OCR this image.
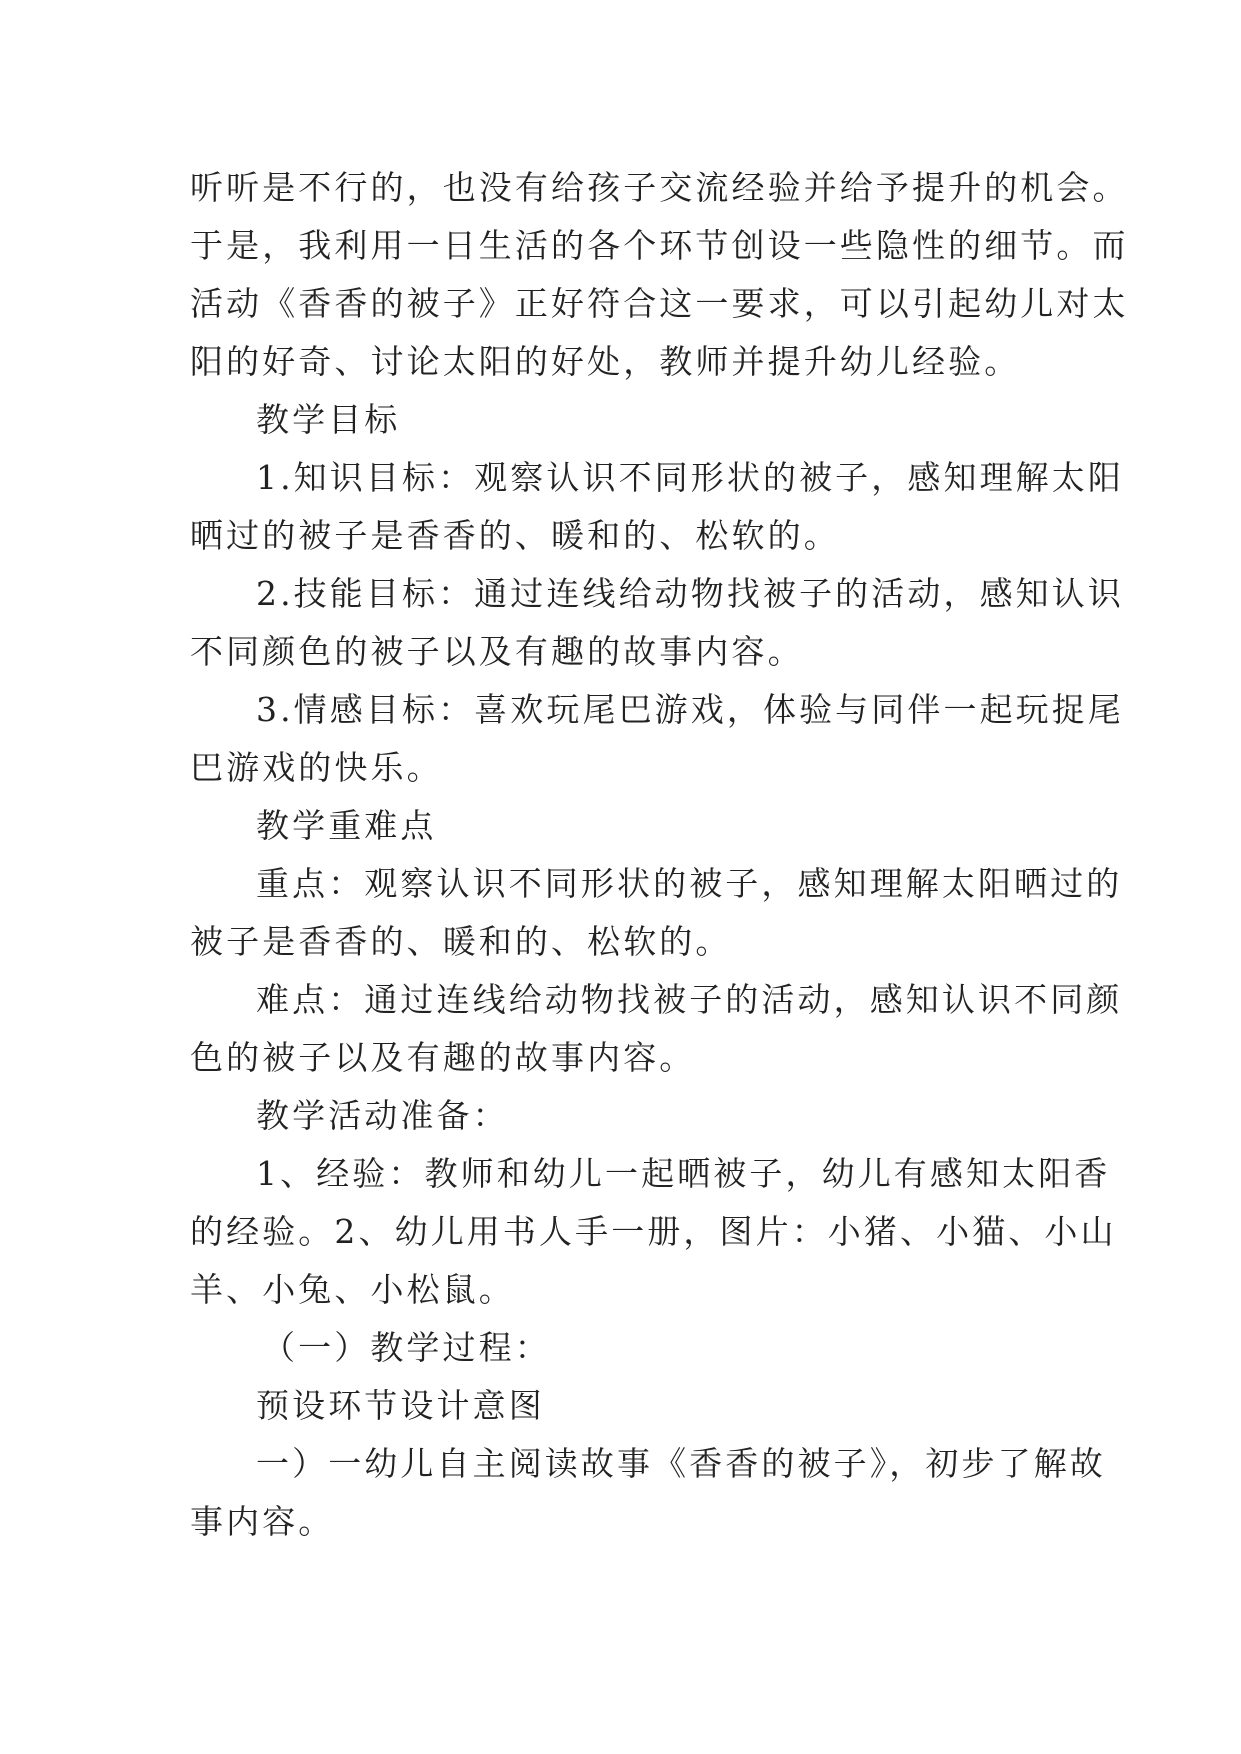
听听是不行的，也没有给孩子交流经验并给予提升的机会。
于是，我利用一日生活的各个环节创设一些隐性的细节。而
活动《香香的被子》正好符合这一要求，可以引起幼儿对太
阳的好奇、讨论太阳的好处，教师并提升幼儿经验。
教学目标
1.知识目标：观察认识不同形状的被子，感知理解太阳
晒过的被子是香香的、暖和的、松软的。
2.技能目标：通过连线给动物找被子的活动，感知认识
不同颜色的被子以及有趣的故事内容。
3.情感目标：喜欢玩尾巴游戏，体验与同伴一起玩捉尾
巴游戏的快乐。
教学重难点
重点：观察认识不同形状的被子，感知理解太阳晒过的
被子是香香的、暖和的、松软的。
难点：通过连线给动物找被子的活动，感知认识不同颜
色的被子以及有趣的故事内容。
教学活动准备：
1、经验：教师和幼儿一起晒被子，幼儿有感知太阳香
的经验。2、幼儿用书人手一册，图片：小猪、小猫、小山
羊、小兔、小松鼠。
（一）教学过程：
预设环节设计意图
一）一幼儿自主阅读故事《香香的被子》，初步了解故
事内容。
